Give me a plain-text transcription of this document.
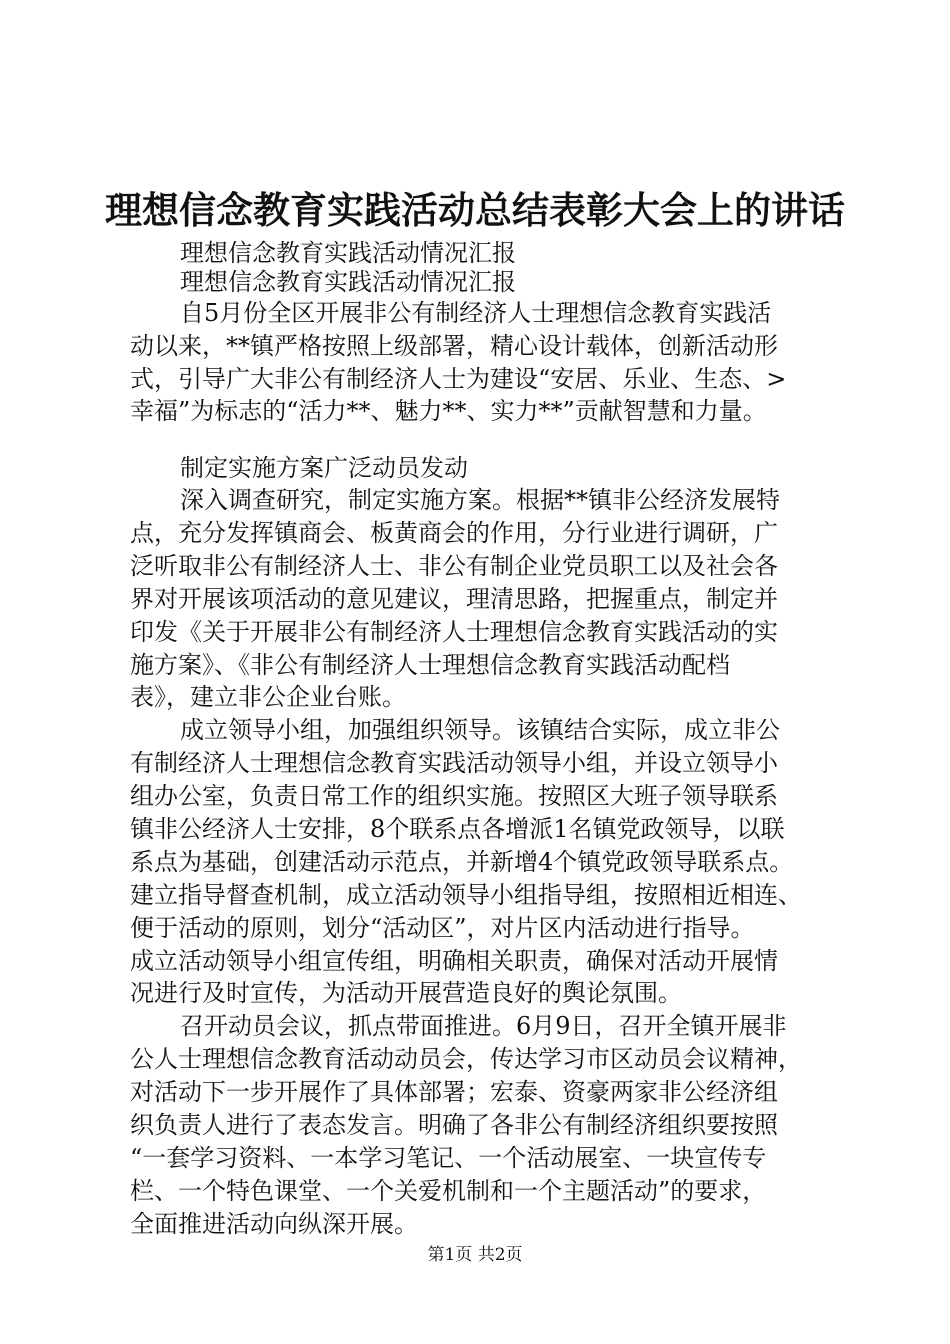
理想信念教育实践活动总结表彰大会上的讲话
理想信念教育实践活动情况汇报
理想信念教育实践活动情况汇报
自5月份全区开展非公有制经济人士理想信念教育实践活
动以来，**镇严格按照上级部署，精心设计载体，创新活动形
式，引导广大非公有制经济人士为建设“安居、乐业、生态、>
幸福”为标志的“活力**、魅力**、实力**”贡献智慧和力量。
制定实施方案广泛动员发动
深入调查研究，制定实施方案。根据**镇非公经济发展特
点，充分发挥镇商会、板黄商会的作用，分行业进行调研，广
泛听取非公有制经济人士、非公有制企业党员职工以及社会各
界对开展该项活动的意见建议，理清思路，把握重点，制定并
印发《关于开展非公有制经济人士理想信念教育实践活动的实
施方案》、《非公有制经济人士理想信念教育实践活动配档
表》，建立非公企业台账。
成立领导小组，加强组织领导。该镇结合实际，成立非公
有制经济人士理想信念教育实践活动领导小组，并设立领导小
组办公室，负责日常工作的组织实施。按照区大班子领导联系
镇非公经济人士安排，8个联系点各增派1名镇党政领导，以联
系点为基础，创建活动示范点，并新增4个镇党政领导联系点。
建立指导督查机制，成立活动领导小组指导组，按照相近相连、
便于活动的原则，划分“活动区”，对片区内活动进行指导。
成立活动领导小组宣传组，明确相关职责，确保对活动开展情
况进行及时宣传，为活动开展营造良好的舆论氛围。
召开动员会议，抓点带面推进。6月9日，召开全镇开展非
公人士理想信念教育活动动员会，传达学习市区动员会议精神，
对活动下一步开展作了具体部署；宏泰、资豪两家非公经济组
织负责人进行了表态发言。明确了各非公有制经济组织要按照
“一套学习资料、一本学习笔记、一个活动展室、一块宣传专
栏、一个特色课堂、一个关爱机制和一个主题活动”的要求，
全面推进活动向纵深开展。
第1页 共2页
